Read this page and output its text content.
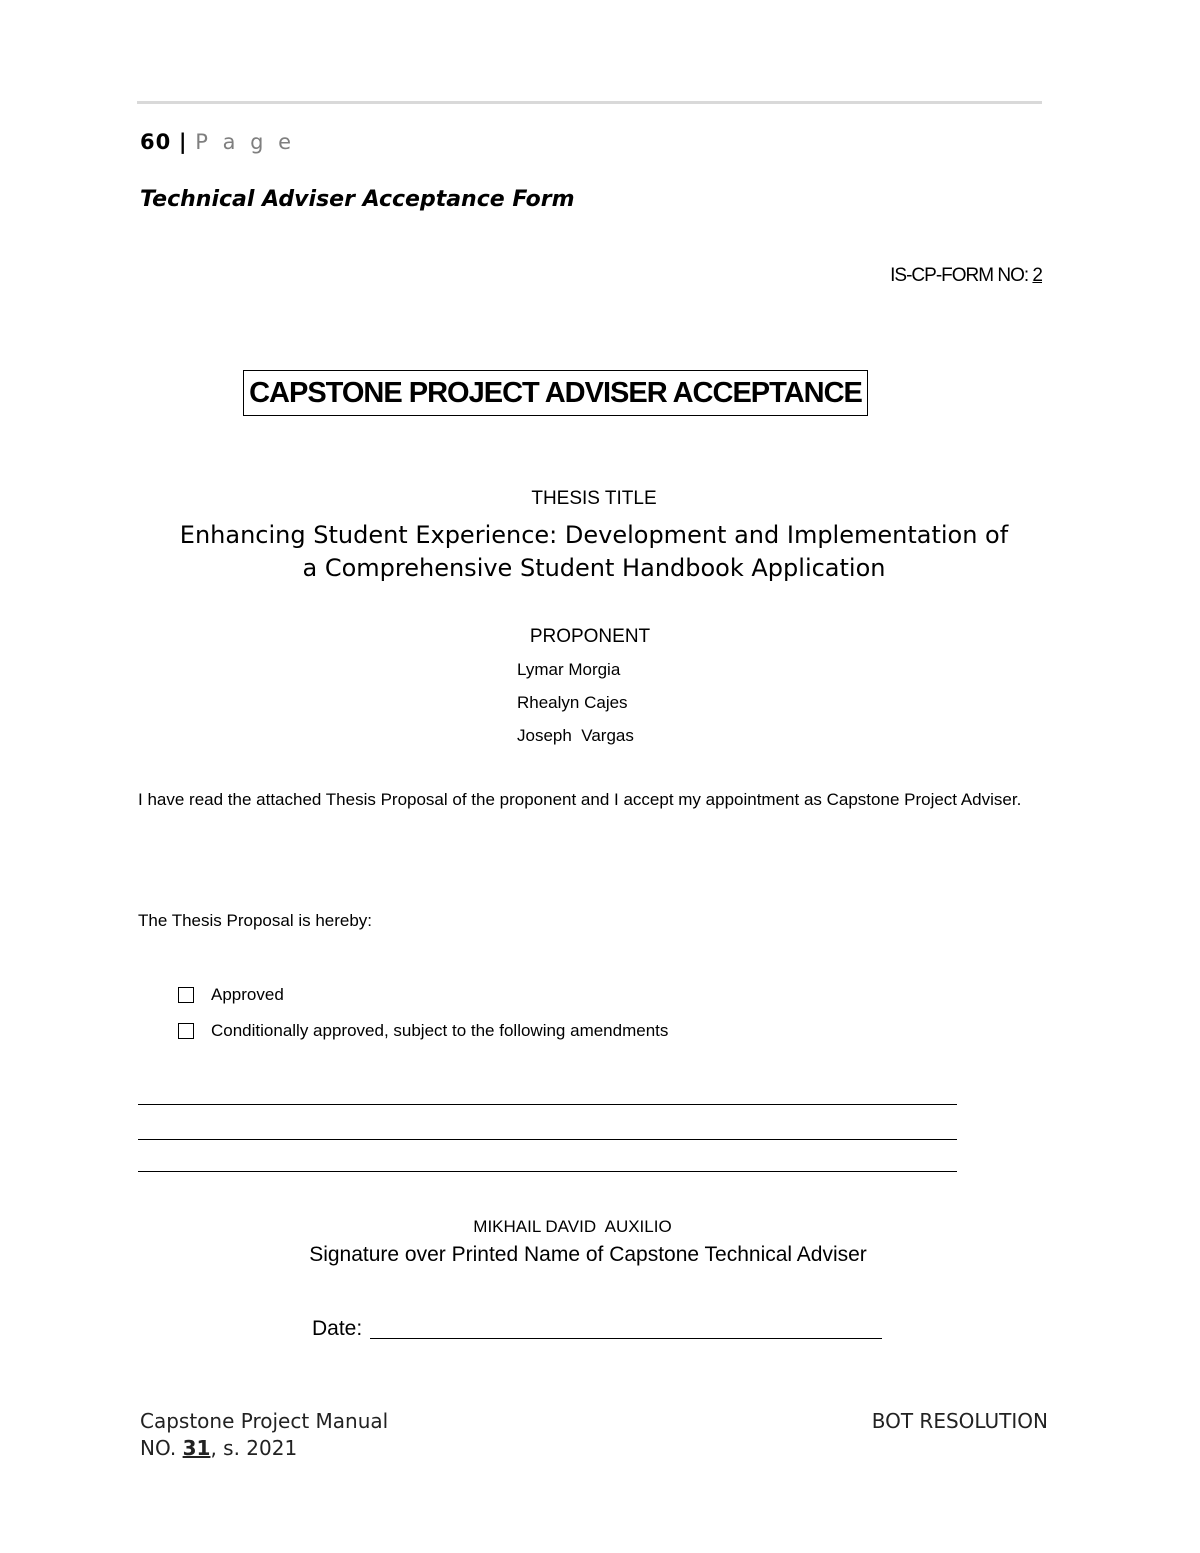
60 | P a g e
Technical Adviser Acceptance Form
IS-CP-FORM NO: 2
CAPSTONE PROJECT ADVISER ACCEPTANCE
THESIS TITLE
Enhancing Student Experience: Development and Implementation of
a Comprehensive Student Handbook Application
PROPONENT
Lymar Morgia
Rhealyn Cajes
Joseph  Vargas
I have read the attached Thesis Proposal of the proponent and I accept my appointment as Capstone Project Adviser.
The Thesis Proposal is hereby:
Approved
Conditionally approved, subject to the following amendments
MIKHAIL DAVID  AUXILIO
Signature over Printed Name of Capstone Technical Adviser
Date:
Capstone Project Manual	BOT RESOLUTION
NO. 31, s. 2021
